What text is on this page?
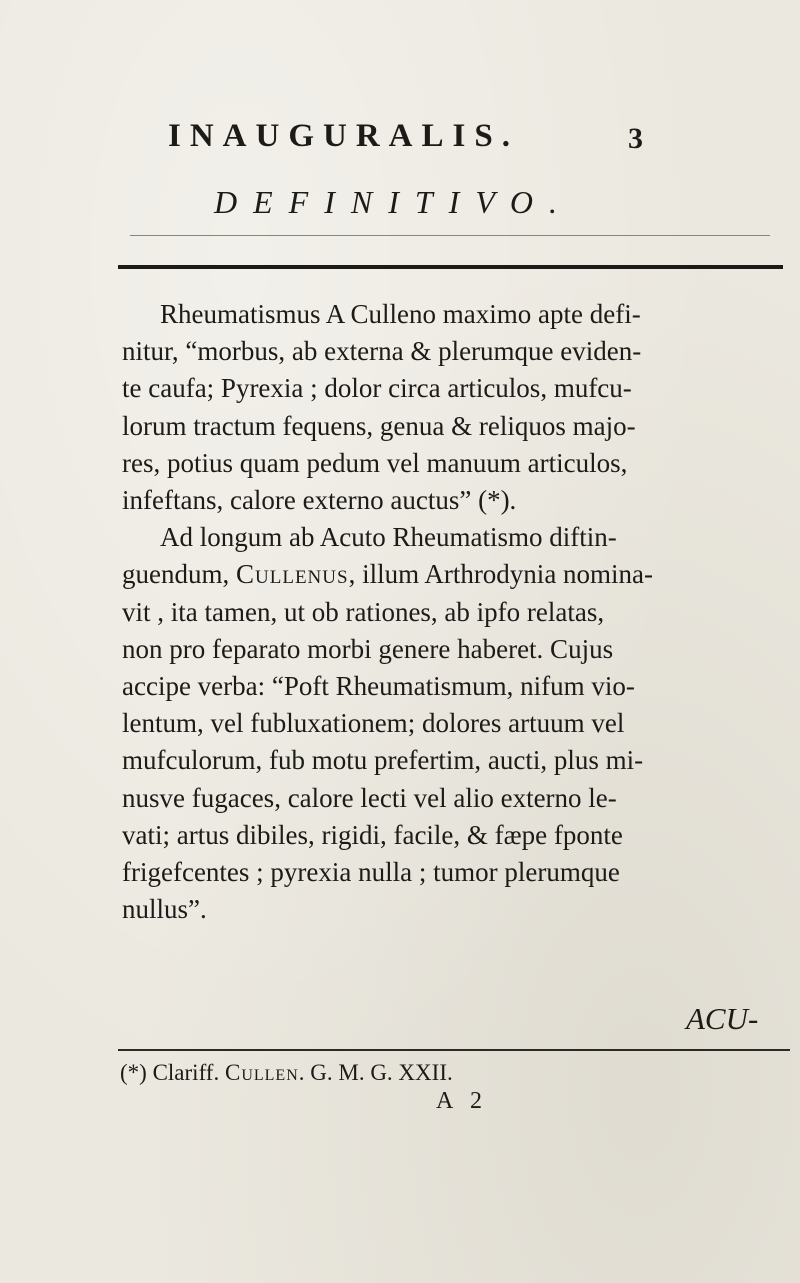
INAUGURALIS.	3
DEFINITIVO.

Rheumatismus A Culleno maximo apte defi-
nitur, “morbus, ab externa & plerumque eviden-
te caufa; Pyrexia ; dolor circa articulos, mufcu-
lorum tractum fequens, genua & reliquos majo-
res, potius quam pedum vel manuum articulos,
infeftans, calore externo auctus” (*).

Ad longum ab Acuto Rheumatismo diftin-
guendum, Cullenus, illum Arthrodynia nomina-
vit , ita tamen, ut ob rationes, ab ipfo relatas,
non pro feparato morbi genere haberet. Cujus
accipe verba: “Poft Rheumatismum, nifum vio-
lentum, vel fubluxationem; dolores artuum vel
mufculorum, fub motu prefertim, aucti, plus mi-
nusve fugaces, calore lecti vel alio externo le-
vati; artus dibiles, rigidi, facile, & fæpe fponte
frigefcentes ; pyrexia nulla ; tumor plerumque
nullus”.

ACU-
(*) Clariff. Cullen. G. M. G. XXII.
A 2
